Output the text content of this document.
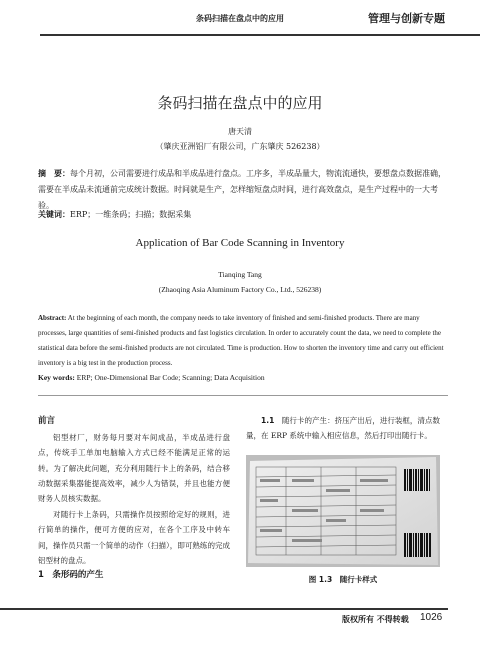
条码扫描在盘点中的应用	管理与创新专题
条码扫描在盘点中的应用
唐天清
（肇庆亚洲铝厂有限公司，广东肇庆 526238）
摘　要：每个月初，公司需要进行成品和半成品进行盘点。工序多，半成品量大，物流流通快，要想盘点数据准确，需要在半成品未流通前完成统计数据。时间就是生产，怎样缩短盘点时间，进行高效盘点，是生产过程中的一大考验。
关键词：ERP；一维条码；扫描；数据采集
Application of Bar Code Scanning in Inventory
Tianqing Tang
(Zhaoqing Asia Aluminum Factory Co., Ltd., 526238)
Abstract: At the beginning of each month, the company needs to take inventory of finished and semi-finished products. There are many processes, large quantities of semi-finished products and fast logistics circulation. In order to accurately count the data, we need to complete the statistical data before the semi-finished products are not circulated. Time is production. How to shorten the inventory time and carry out efficient inventory is a big test in the production process.
Key words: ERP; One-Dimensional Bar Code; Scanning; Data Acquisition
前言
铝型材厂，财务每月要对车间成品，半成品进行盘点，传统手工单加电脑输入方式已经不能满足正常的运转。为了解决此问题，充分利用随行卡上的条码，结合移动数据采集器能提高效率，减少人为错误，并且也能方便财务人员核实数据。
对随行卡上条码，只需操作员按照给定好的规则，进行简单的操作，便可方便的应对，在各个工序及中转车间，操作员只需一个简单的动作（扫描），即可熟练的完成铝型材的盘点。
1　条形码的产生
1.1　 随行卡的产生：挤压产出后，进行装框，清点数量，在 ERP 系统中输入相应信息，然后打印出随行卡。
图 1.3　 随行卡样式
版权所有 不得转载 1026
